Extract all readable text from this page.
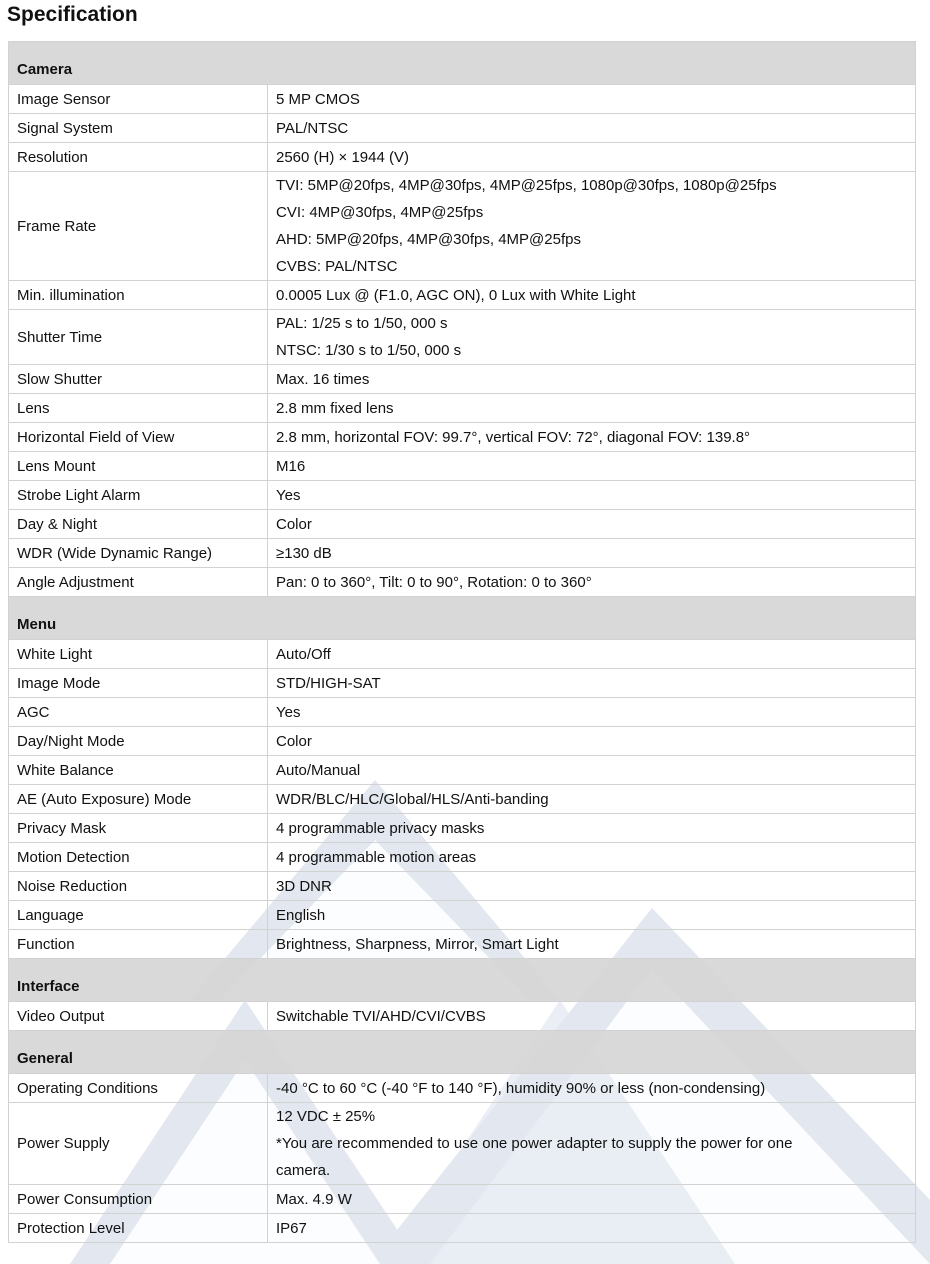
Specification
Camera	
Image Sensor	5 MP CMOS

Signal System	PAL/NTSC

Resolution	2560 (H) × 1944 (V)

Frame Rate	TVI: 5MP@20fps, 4MP@30fps, 4MP@25fps, 1080p@30fps, 1080p@25fps
CVI: 4MP@30fps, 4MP@25fps
AHD: 5MP@20fps, 4MP@30fps, 4MP@25fps
CVBS: PAL/NTSC

Min. illumination	0.0005 Lux @ (F1.0, AGC ON), 0 Lux with White Light

Shutter Time	PAL: 1/25 s to 1/50, 000 s
NTSC: 1/30 s to 1/50, 000 s

Slow Shutter	Max. 16 times

Lens	2.8 mm fixed lens

Horizontal Field of View	2.8 mm, horizontal FOV: 99.7°, vertical FOV: 72°, diagonal FOV: 139.8°

Lens Mount	M16

Strobe Light Alarm	Yes

Day & Night	Color

WDR (Wide Dynamic Range)	≥130 dB

Angle Adjustment	Pan: 0 to 360°, Tilt: 0 to 90°, Rotation: 0 to 360°

Menu	
White Light	Auto/Off

Image Mode	STD/HIGH-SAT

AGC	Yes

Day/Night Mode	Color

White Balance	Auto/Manual

AE (Auto Exposure) Mode	WDR/BLC/HLC/Global/HLS/Anti-banding

Privacy Mask	4 programmable privacy masks

Motion Detection	4 programmable motion areas

Noise Reduction	3D DNR

Language	English

Function	Brightness, Sharpness, Mirror, Smart Light

Interface	
Video Output	Switchable TVI/AHD/CVI/CVBS

General	
Operating Conditions	-40 °C to 60 °C (-40 °F to 140 °F), humidity 90% or less (non-condensing)

Power Supply	12 VDC ± 25%
*You are recommended to use one power adapter to supply the power for one
camera.

Power Consumption	Max. 4.9 W

Protection Level	IP67
